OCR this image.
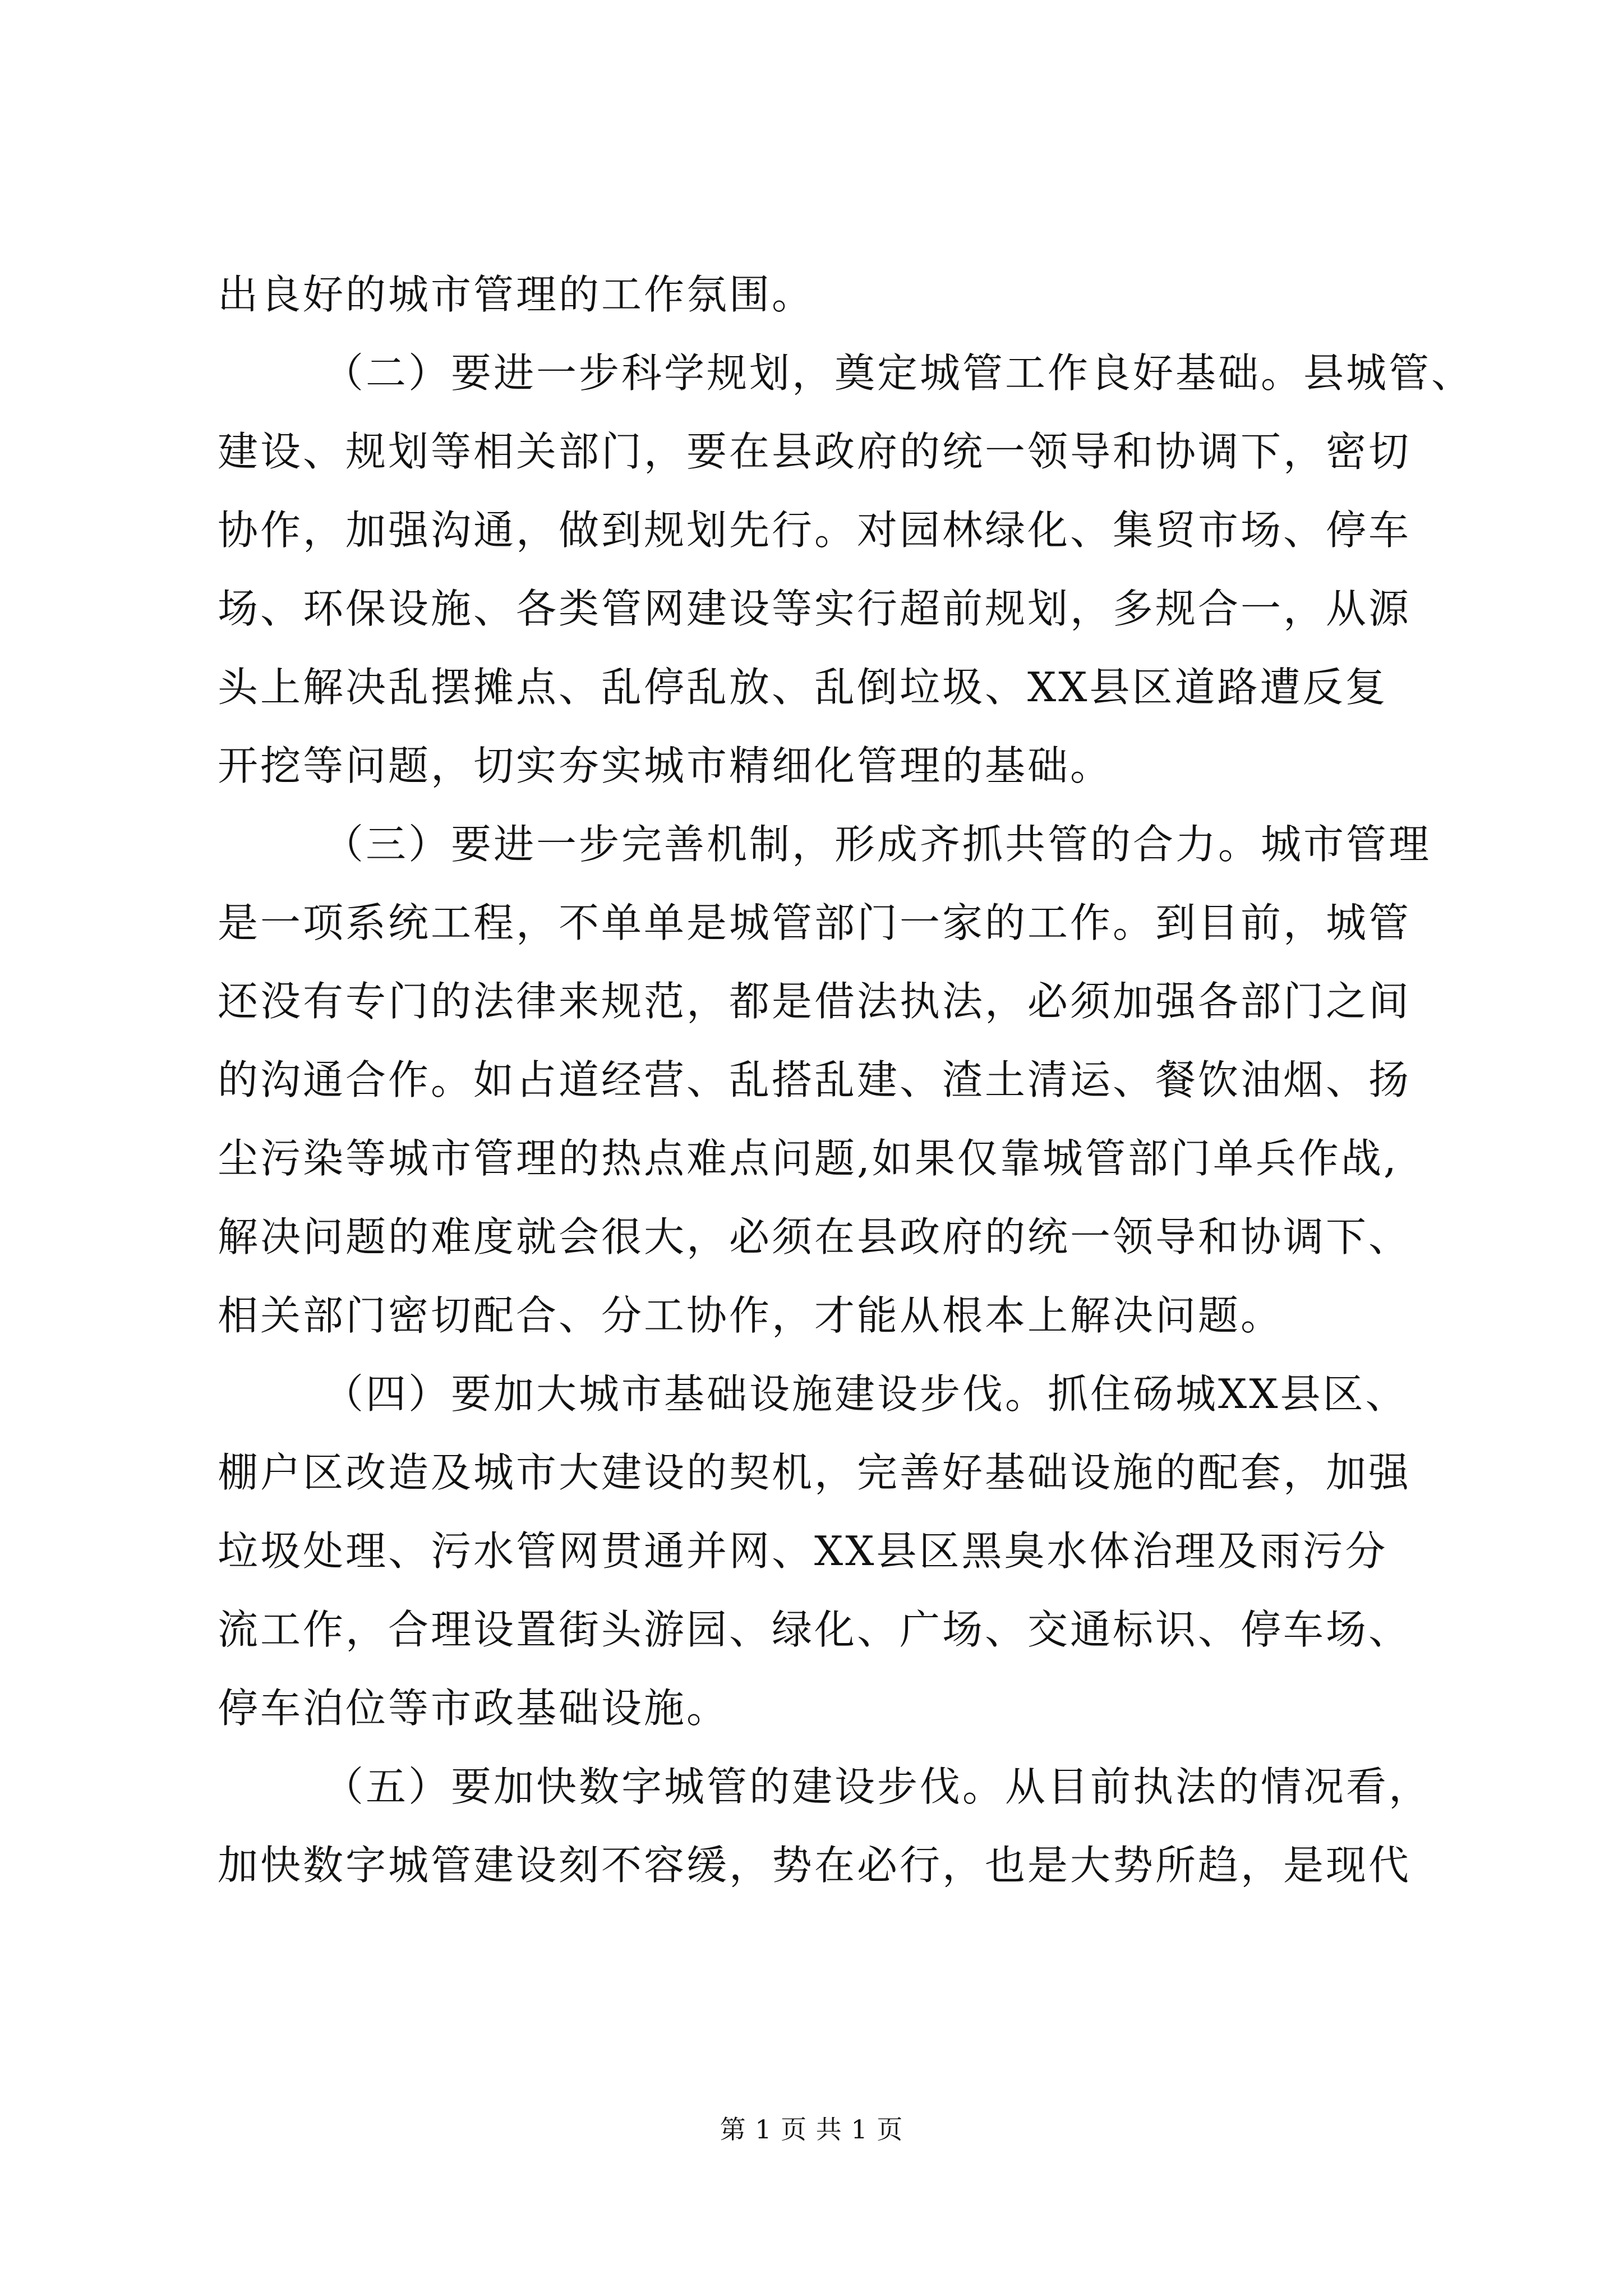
出良好的城市管理的工作氛围。
（二）要进一步科学规划，奠定城管工作良好基础。县城管、
建设、规划等相关部门，要在县政府的统一领导和协调下，密切
协作，加强沟通，做到规划先行。对园林绿化、集贸市场、停车
场、环保设施、各类管网建设等实行超前规划，多规合一，从源
头上解决乱摆摊点、乱停乱放、乱倒垃圾、XX县区道路遭反复
开挖等问题，切实夯实城市精细化管理的基础。
（三）要进一步完善机制，形成齐抓共管的合力。城市管理
是一项系统工程，不单单是城管部门一家的工作。到目前，城管
还没有专门的法律来规范，都是借法执法，必须加强各部门之间
的沟通合作。如占道经营、乱搭乱建、渣土清运、餐饮油烟、扬
尘污染等城市管理的热点难点问题,如果仅靠城管部门单兵作战,
解决问题的难度就会很大，必须在县政府的统一领导和协调下、
相关部门密切配合、分工协作，才能从根本上解决问题。
（四）要加大城市基础设施建设步伐。抓住砀城XX县区、
棚户区改造及城市大建设的契机，完善好基础设施的配套，加强
垃圾处理、污水管网贯通并网、XX县区黑臭水体治理及雨污分
流工作，合理设置街头游园、绿化、广场、交通标识、停车场、
停车泊位等市政基础设施。
（五）要加快数字城管的建设步伐。从目前执法的情况看，
加快数字城管建设刻不容缓，势在必行，也是大势所趋，是现代
第 1 页 共 1 页
